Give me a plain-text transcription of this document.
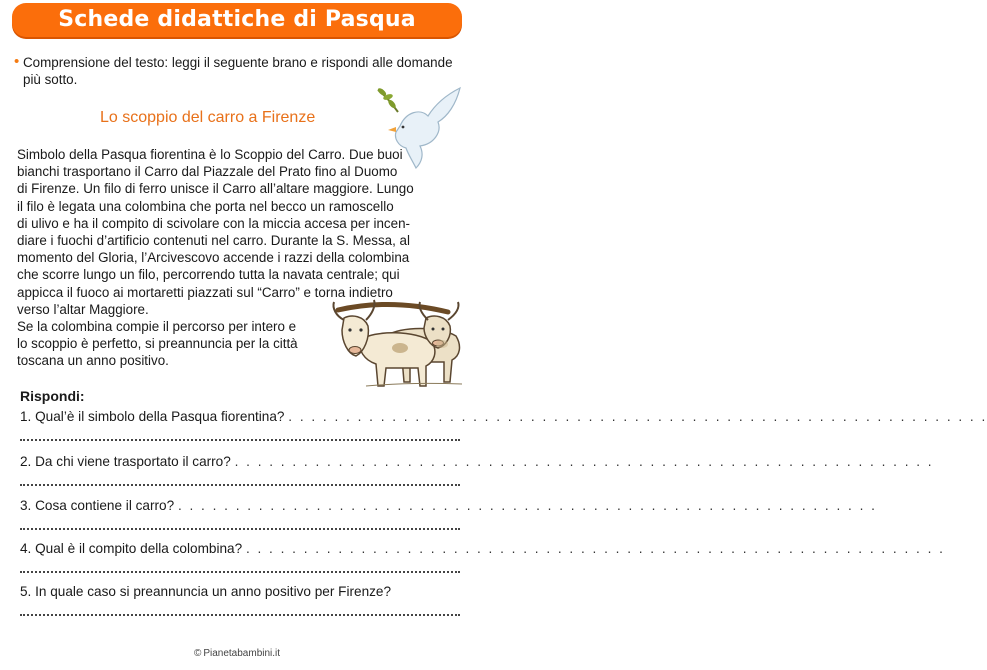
Schede didattiche di Pasqua
• Comprensione del testo: leggi il seguente brano e rispondi alle domande più sotto.
Lo scoppio del carro a Firenze
Simbolo della Pasqua fiorentina è lo Scoppio del Carro. Due buoi
bianchi trasportano il Carro dal Piazzale del Prato fino al Duomo
di Firenze. Un filo di ferro unisce il Carro all’altare maggiore. Lungo
il filo è legata una colombina che porta nel becco un ramoscello
di ulivo e ha il compito di scivolare con la miccia accesa per incen-
diare i fuochi d’artificio contenuti nel carro. Durante la S. Messa, al
momento del Gloria, l’Arcivescovo accende i razzi della colombina
che scorre lungo un filo, percorrendo tutta la navata centrale; qui
appicca il fuoco ai mortaretti piazzati sul “Carro” e torna indietro
verso l’altar Maggiore.
Se la colombina compie il percorso per intero e
lo scoppio è perfetto, si preannuncia per la città
toscana un anno positivo.
Rispondi:
1. Qual’è il simbolo della Pasqua fiorentina? . . . . . . . . . . . . . . . . . . . . . . . . . . . . . . . . . . . . . . . . . . . . . . . . . . . . . . . . . . . . .
2. Da chi viene trasportato il carro? . . . . . . . . . . . . . . . . . . . . . . . . . . . . . . . . . . . . . . . . . . . . . . . . . . . . . . . . . . . . .
3. Cosa contiene il carro? . . . . . . . . . . . . . . . . . . . . . . . . . . . . . . . . . . . . . . . . . . . . . . . . . . . . . . . . . . . . .
4. Qual è il compito della colombina? . . . . . . . . . . . . . . . . . . . . . . . . . . . . . . . . . . . . . . . . . . . . . . . . . . . . . . . . . . . . .
5. In quale caso si preannuncia un anno positivo per Firenze?
© Pianetabambini.it
